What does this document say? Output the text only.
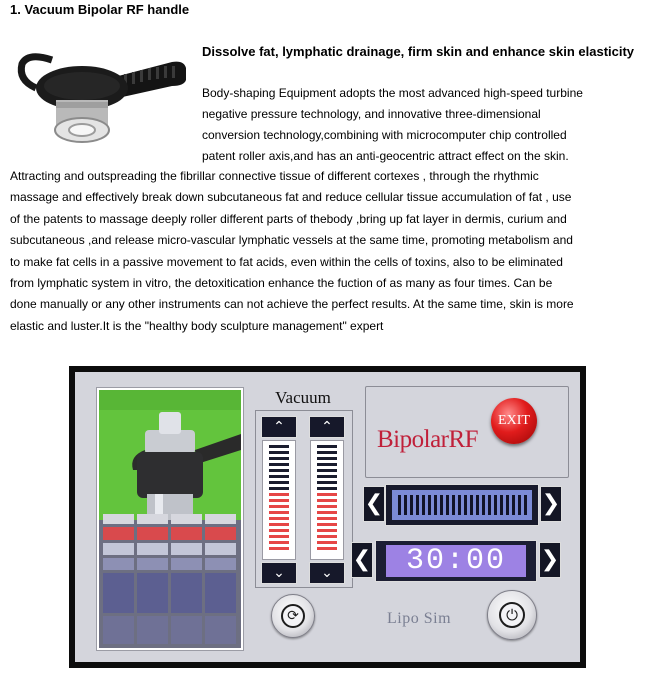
1. Vacuum Bipolar RF handle
Dissolve fat, lymphatic drainage, firm skin and enhance skin elasticity
Body-shaping Equipment adopts the most advanced high-speed turbine
negative pressure technology, and innovative three-dimensional
conversion technology,combining with microcomputer chip controlled
patent roller axis,and has an anti-geocentric attract effect on the skin.
Attracting and outspreading the fibrillar connective tissue of different cortexes , through the rhythmic
massage and effectively break down subcutaneous fat and reduce cellular tissue accumulation of fat , use
of the patents to massage deeply roller different parts of thebody ,bring up fat layer in dermis, curium and
subcutaneous ,and release micro-vascular lymphatic vessels at the same time, promoting metabolism and
to make fat cells in a passive movement to fat acids, even within the cells of toxins, also to be eliminated
from lymphatic system in vitro, the detoxitication enhance the fuction of as many as four times. Can be
done manually or any other instruments can not achieve the perfect results. At the same time, skin is more
elastic and luster.It is the "healthy body sculpture management" expert
Vacuum
⌃	⌃
⌄	⌄
BipolarRF
EXIT
❮	❯
❮	30:00	❯
⟳	Lipo Sim	⏻
